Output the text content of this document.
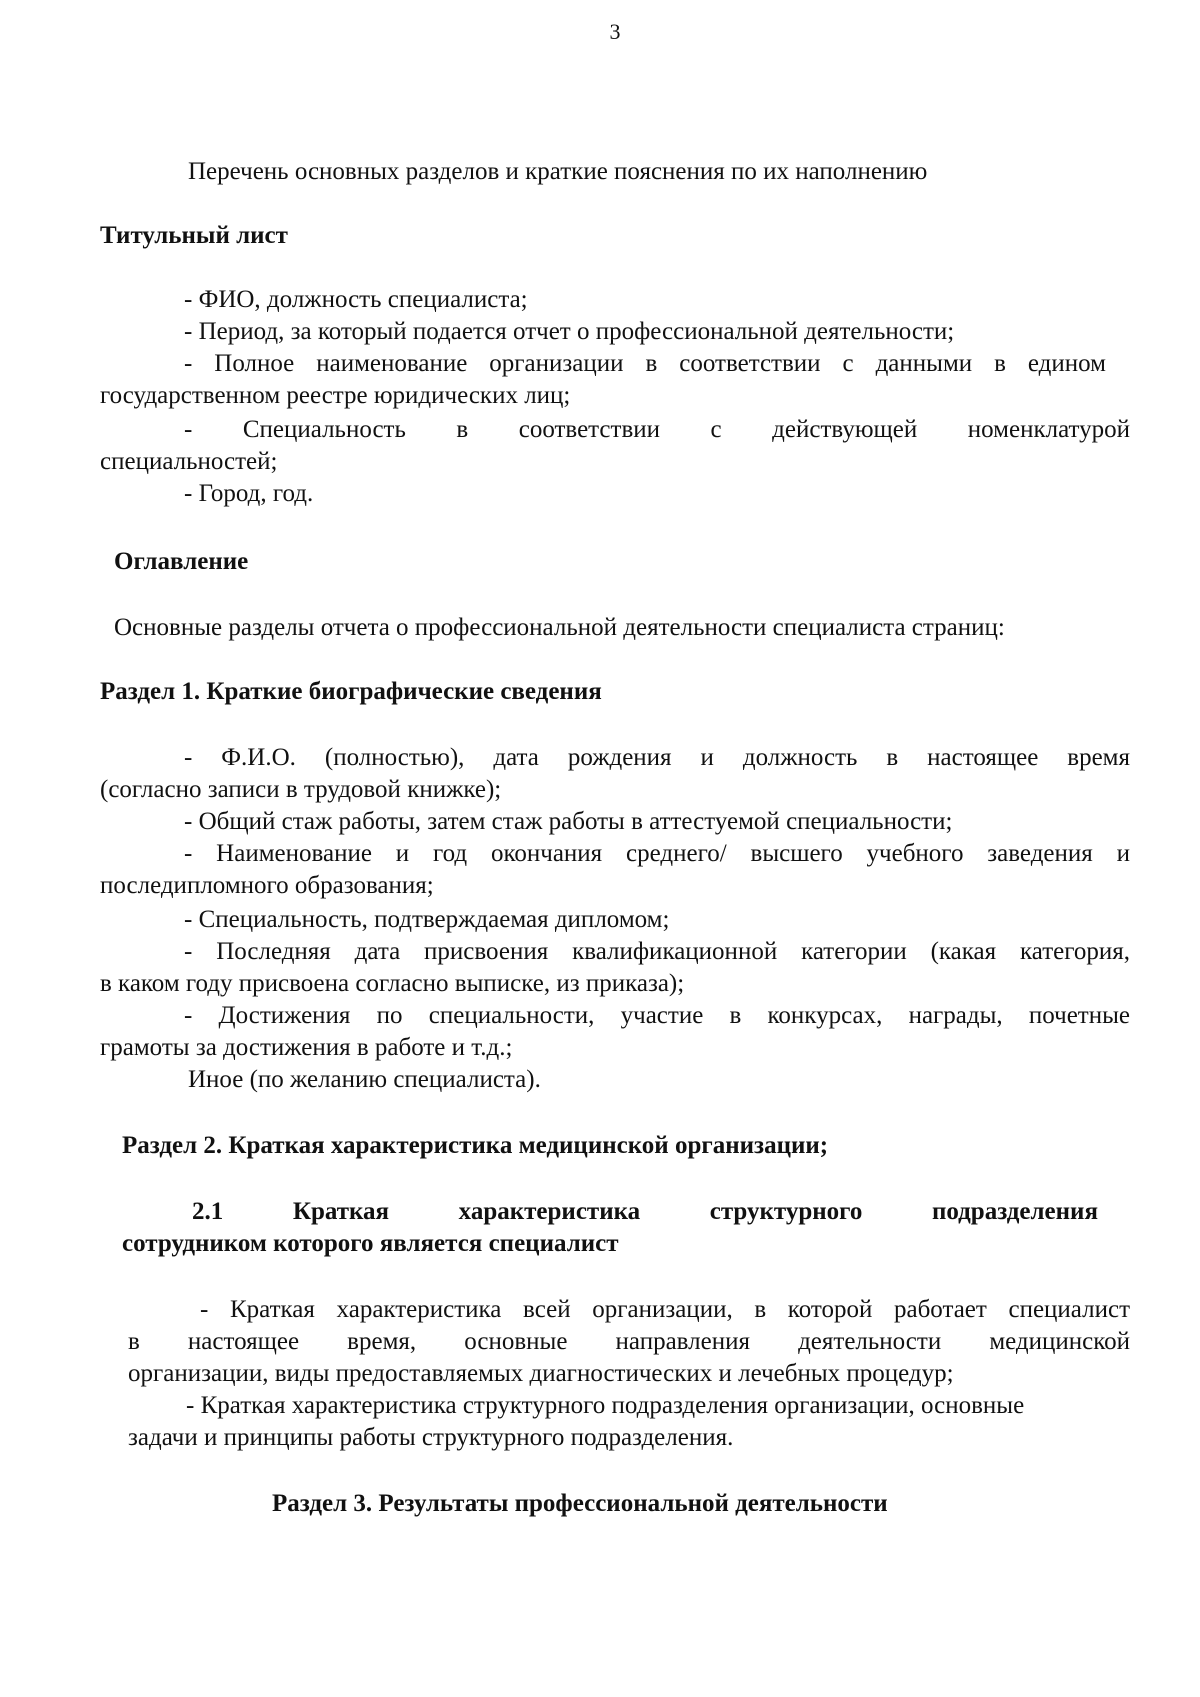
3
Перечень основных разделов и краткие пояснения по их наполнению
Титульный лист
- ФИО, должность специалиста;
- Период, за который подается отчет о профессиональной деятельности;
- Полное наименование организации в соответствии с данными в едином
государственном реестре юридических лиц;
- Специальность в соответствии с действующей номенклатурой
специальностей;
- Город, год.
Оглавление
Основные разделы отчета о профессиональной деятельности специалиста страниц:
Раздел 1. Краткие биографические сведения
- Ф.И.О. (полностью), дата рождения и должность в настоящее время
(согласно записи в трудовой книжке);
- Общий стаж работы, затем стаж работы в аттестуемой специальности;
- Наименование и год окончания среднего/ высшего учебного заведения и
последипломного образования;
- Специальность, подтверждаемая дипломом;
- Последняя дата присвоения квалификационной категории (какая категория,
в каком году присвоена согласно выписке, из приказа);
- Достижения по специальности, участие в конкурсах, награды, почетные
грамоты за достижения в работе и т.д.;
Иное (по желанию специалиста).
Раздел 2. Краткая характеристика медицинской организации;
2.1 Краткая характеристика структурного подразделения
сотрудником которого является специалист
- Краткая характеристика всей организации, в которой работает специалист
в настоящее время, основные направления деятельности медицинской
организации, виды предоставляемых диагностических и лечебных процедур;
- Краткая характеристика структурного подразделения организации, основные
задачи и принципы работы структурного подразделения.
Раздел 3. Результаты профессиональной деятельности
